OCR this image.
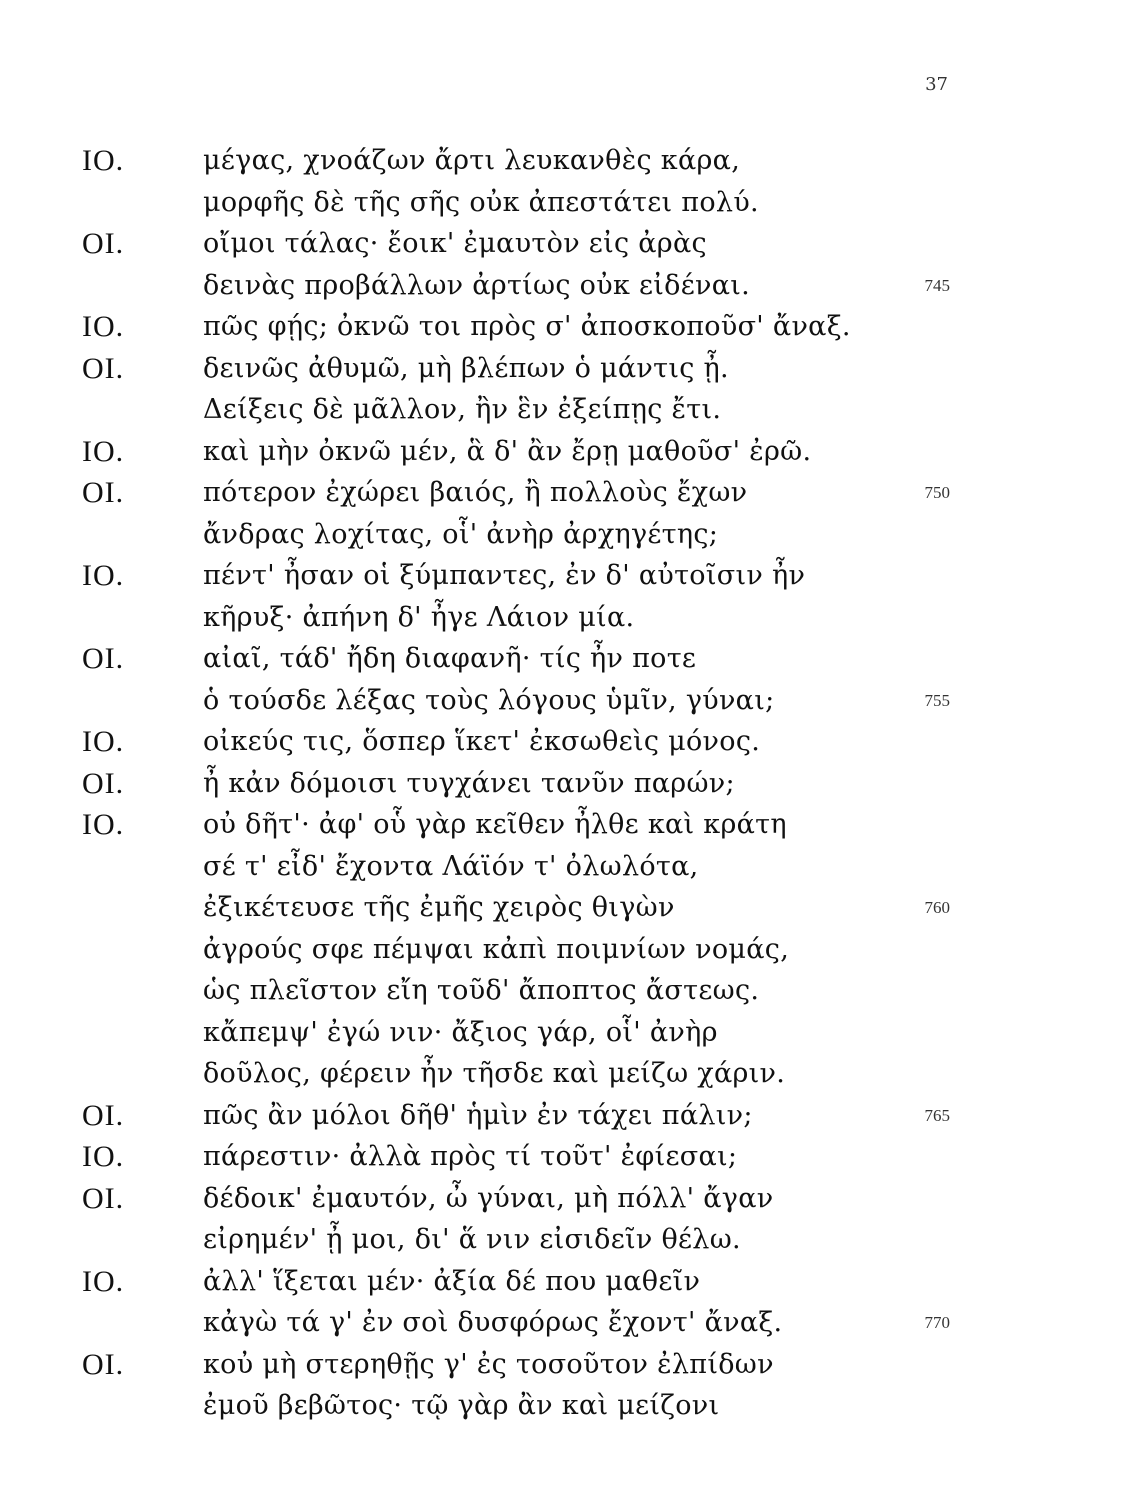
37
ΙΟ.	μέγας, χνοάζων ἄρτι λευκανθὲς κάρα,
μορφῆς δὲ τῆς σῆς οὐκ ἀπεστάτει πολύ.
ΟΙ.	οἴμοι τάλας· ἔοικ' ἐμαυτὸν εἰς ἀρὰς
δεινὰς προβάλλων ἀρτίως οὐκ εἰδέναι.	745
ΙΟ.	πῶς φῄς; ὀκνῶ τοι πρὸς σ' ἀποσκοποῦσ' ἄναξ.
ΟΙ.	δεινῶς ἀθυμῶ, μὴ βλέπων ὁ μάντις ᾖ.
Δείξεις δὲ μᾶλλον, ἢν ἓν ἐξείπῃς ἔτι.
ΙΟ.	καὶ μὴν ὀκνῶ μέν, ἃ δ' ἂν ἔρῃ μαθοῦσ' ἐρῶ.
ΟΙ.	πότερον ἐχώρει βαιός, ἢ πολλοὺς ἔχων	750
ἄνδρας λοχίτας, οἷ' ἀνὴρ ἀρχηγέτης;
ΙΟ.	πέντ' ἦσαν οἱ ξύμπαντες, ἐν δ' αὐτοῖσιν ἦν
κῆρυξ· ἀπήνη δ' ἦγε Λάιον μία.
ΟΙ.	αἰαῖ, τάδ' ἤδη διαφανῆ· τίς ἦν ποτε
ὁ τούσδε λέξας τοὺς λόγους ὑμῖν, γύναι;	755
ΙΟ.	οἰκεύς τις, ὅσπερ ἵκετ' ἐκσωθεὶς μόνος.
ΟΙ.	ἦ κἀν δόμοισι τυγχάνει τανῦν παρών;
ΙΟ.	οὐ δῆτ'· ἀφ' οὗ γὰρ κεῖθεν ἦλθε καὶ κράτη
σέ τ' εἶδ' ἔχοντα Λάϊόν τ' ὀλωλότα,
ἐξικέτευσε τῆς ἐμῆς χειρὸς θιγὼν	760
ἀγρούς σφε πέμψαι κἀπὶ ποιμνίων νομάς,
ὡς πλεῖστον εἴη τοῦδ' ἄποπτος ἄστεως.
κἄπεμψ' ἐγώ νιν· ἄξιος γάρ, οἷ' ἀνὴρ
δοῦλος, φέρειν ἦν τῆσδε καὶ μείζω χάριν.
ΟΙ.	πῶς ἂν μόλοι δῆθ' ἡμὶν ἐν τάχει πάλιν;	765
ΙΟ.	πάρεστιν· ἀλλὰ πρὸς τί τοῦτ' ἐφίεσαι;
ΟΙ.	δέδοικ' ἐμαυτόν, ὦ γύναι, μὴ πόλλ' ἄγαν
εἰρημέν' ᾖ μοι, δι' ἅ νιν εἰσιδεῖν θέλω.
ΙΟ.	ἀλλ' ἵξεται μέν· ἀξία δέ που μαθεῖν
κἀγὼ τά γ' ἐν σοὶ δυσφόρως ἔχοντ' ἄναξ.	770
ΟΙ.	κοὐ μὴ στερηθῇς γ' ἐς τοσοῦτον ἐλπίδων
ἐμοῦ βεβῶτος· τῷ γὰρ ἂν καὶ μείζονι
